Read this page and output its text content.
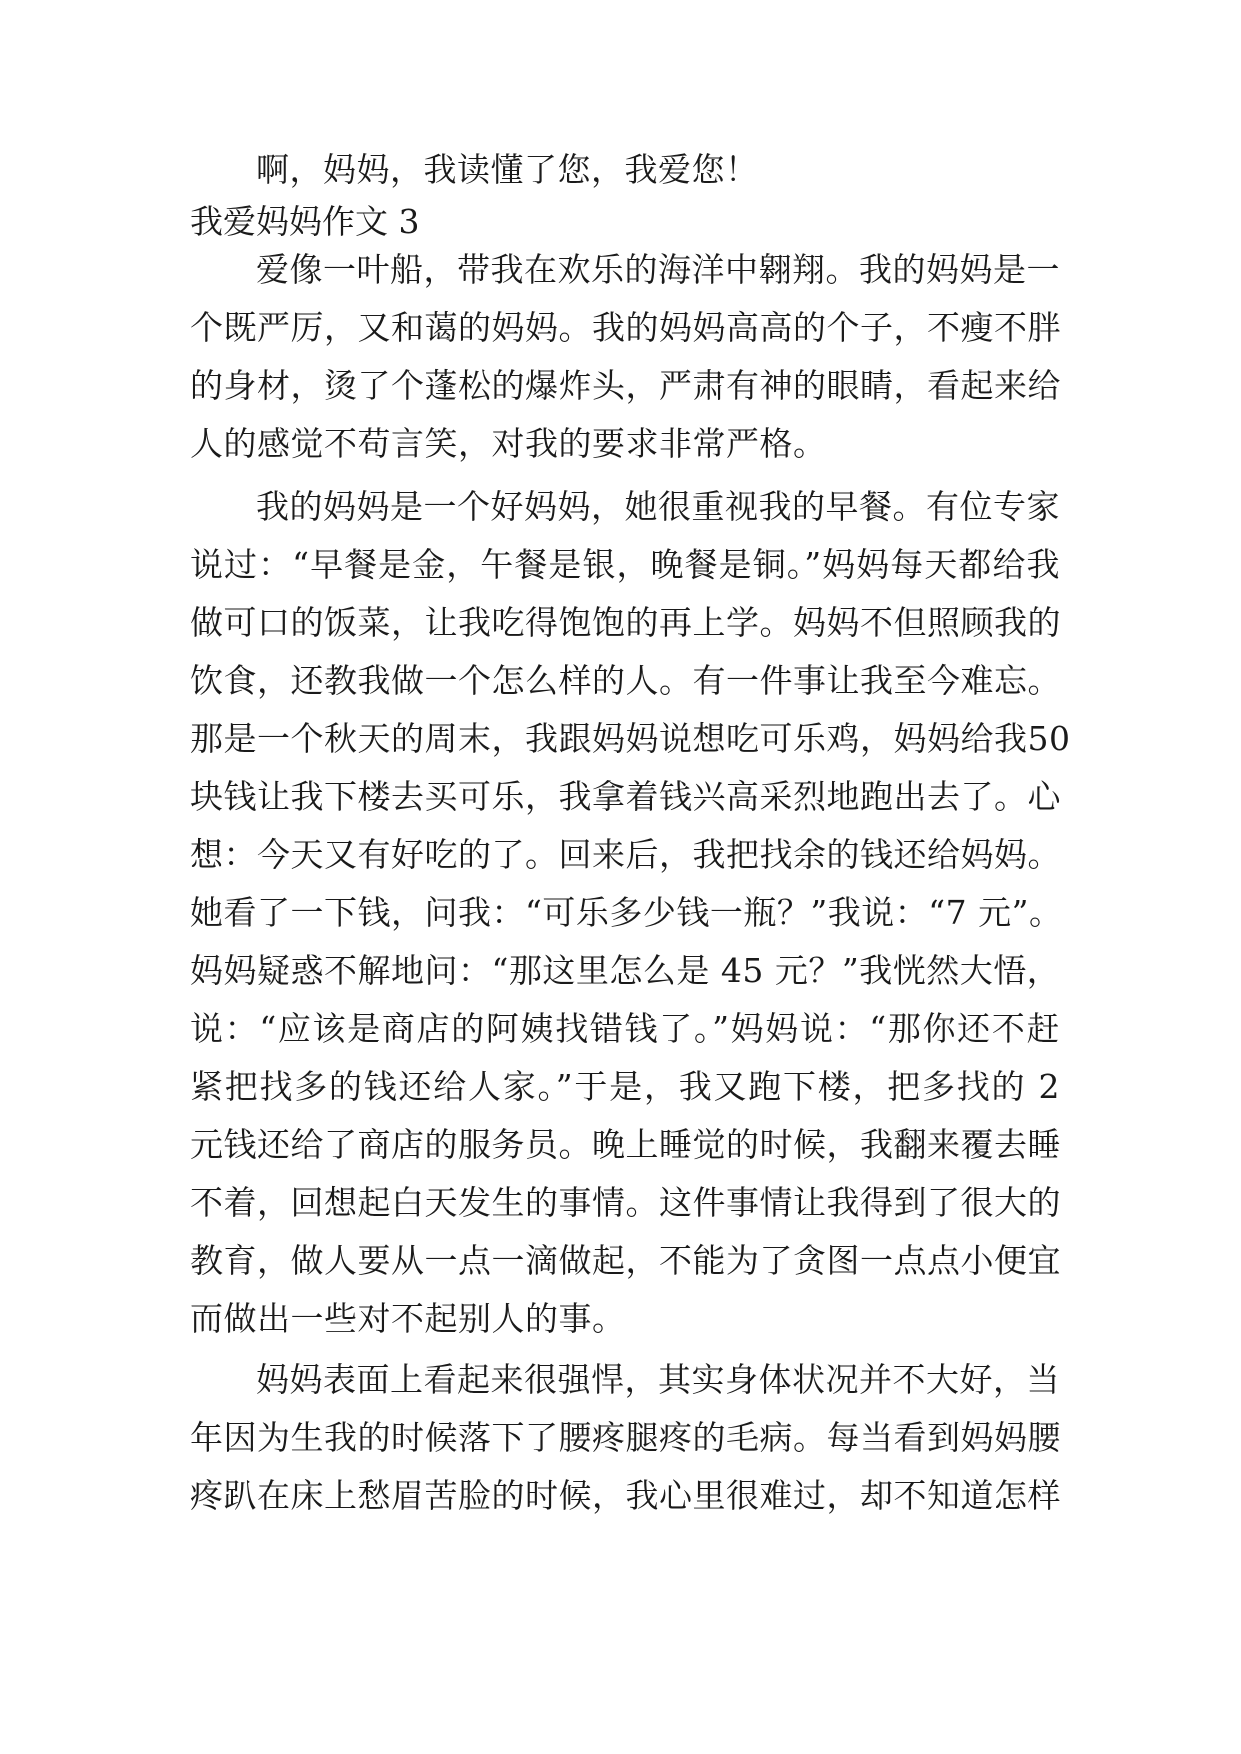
啊，妈妈，我读懂了您，我爱您！
我爱妈妈作文 3
爱像一叶船，带我在欢乐的海洋中翱翔。我的妈妈是一
个既严厉，又和蔼的妈妈。我的妈妈高高的个子，不瘦不胖
的身材，烫了个蓬松的爆炸头，严肃有神的眼睛，看起来给
人的感觉不苟言笑，对我的要求非常严格。
我的妈妈是一个好妈妈，她很重视我的早餐。有位专家
说过：“早餐是金，午餐是银，晚餐是铜。”妈妈每天都给我
做可口的饭菜，让我吃得饱饱的再上学。妈妈不但照顾我的
饮食，还教我做一个怎么样的人。有一件事让我至今难忘。
那是一个秋天的周末，我跟妈妈说想吃可乐鸡，妈妈给我50
块钱让我下楼去买可乐，我拿着钱兴高采烈地跑出去了。心
想：今天又有好吃的了。回来后，我把找余的钱还给妈妈。
她看了一下钱，问我：“可乐多少钱一瓶？”我说：“7 元”。
妈妈疑惑不解地问：“那这里怎么是 45 元？”我恍然大悟，
说：“应该是商店的阿姨找错钱了。”妈妈说：“那你还不赶
紧把找多的钱还给人家。”于是，我又跑下楼，把多找的 2
元钱还给了商店的服务员。晚上睡觉的时候，我翻来覆去睡
不着，回想起白天发生的事情。这件事情让我得到了很大的
教育，做人要从一点一滴做起，不能为了贪图一点点小便宜
而做出一些对不起别人的事。
妈妈表面上看起来很强悍，其实身体状况并不大好，当
年因为生我的时候落下了腰疼腿疼的毛病。每当看到妈妈腰
疼趴在床上愁眉苦脸的时候，我心里很难过，却不知道怎样
